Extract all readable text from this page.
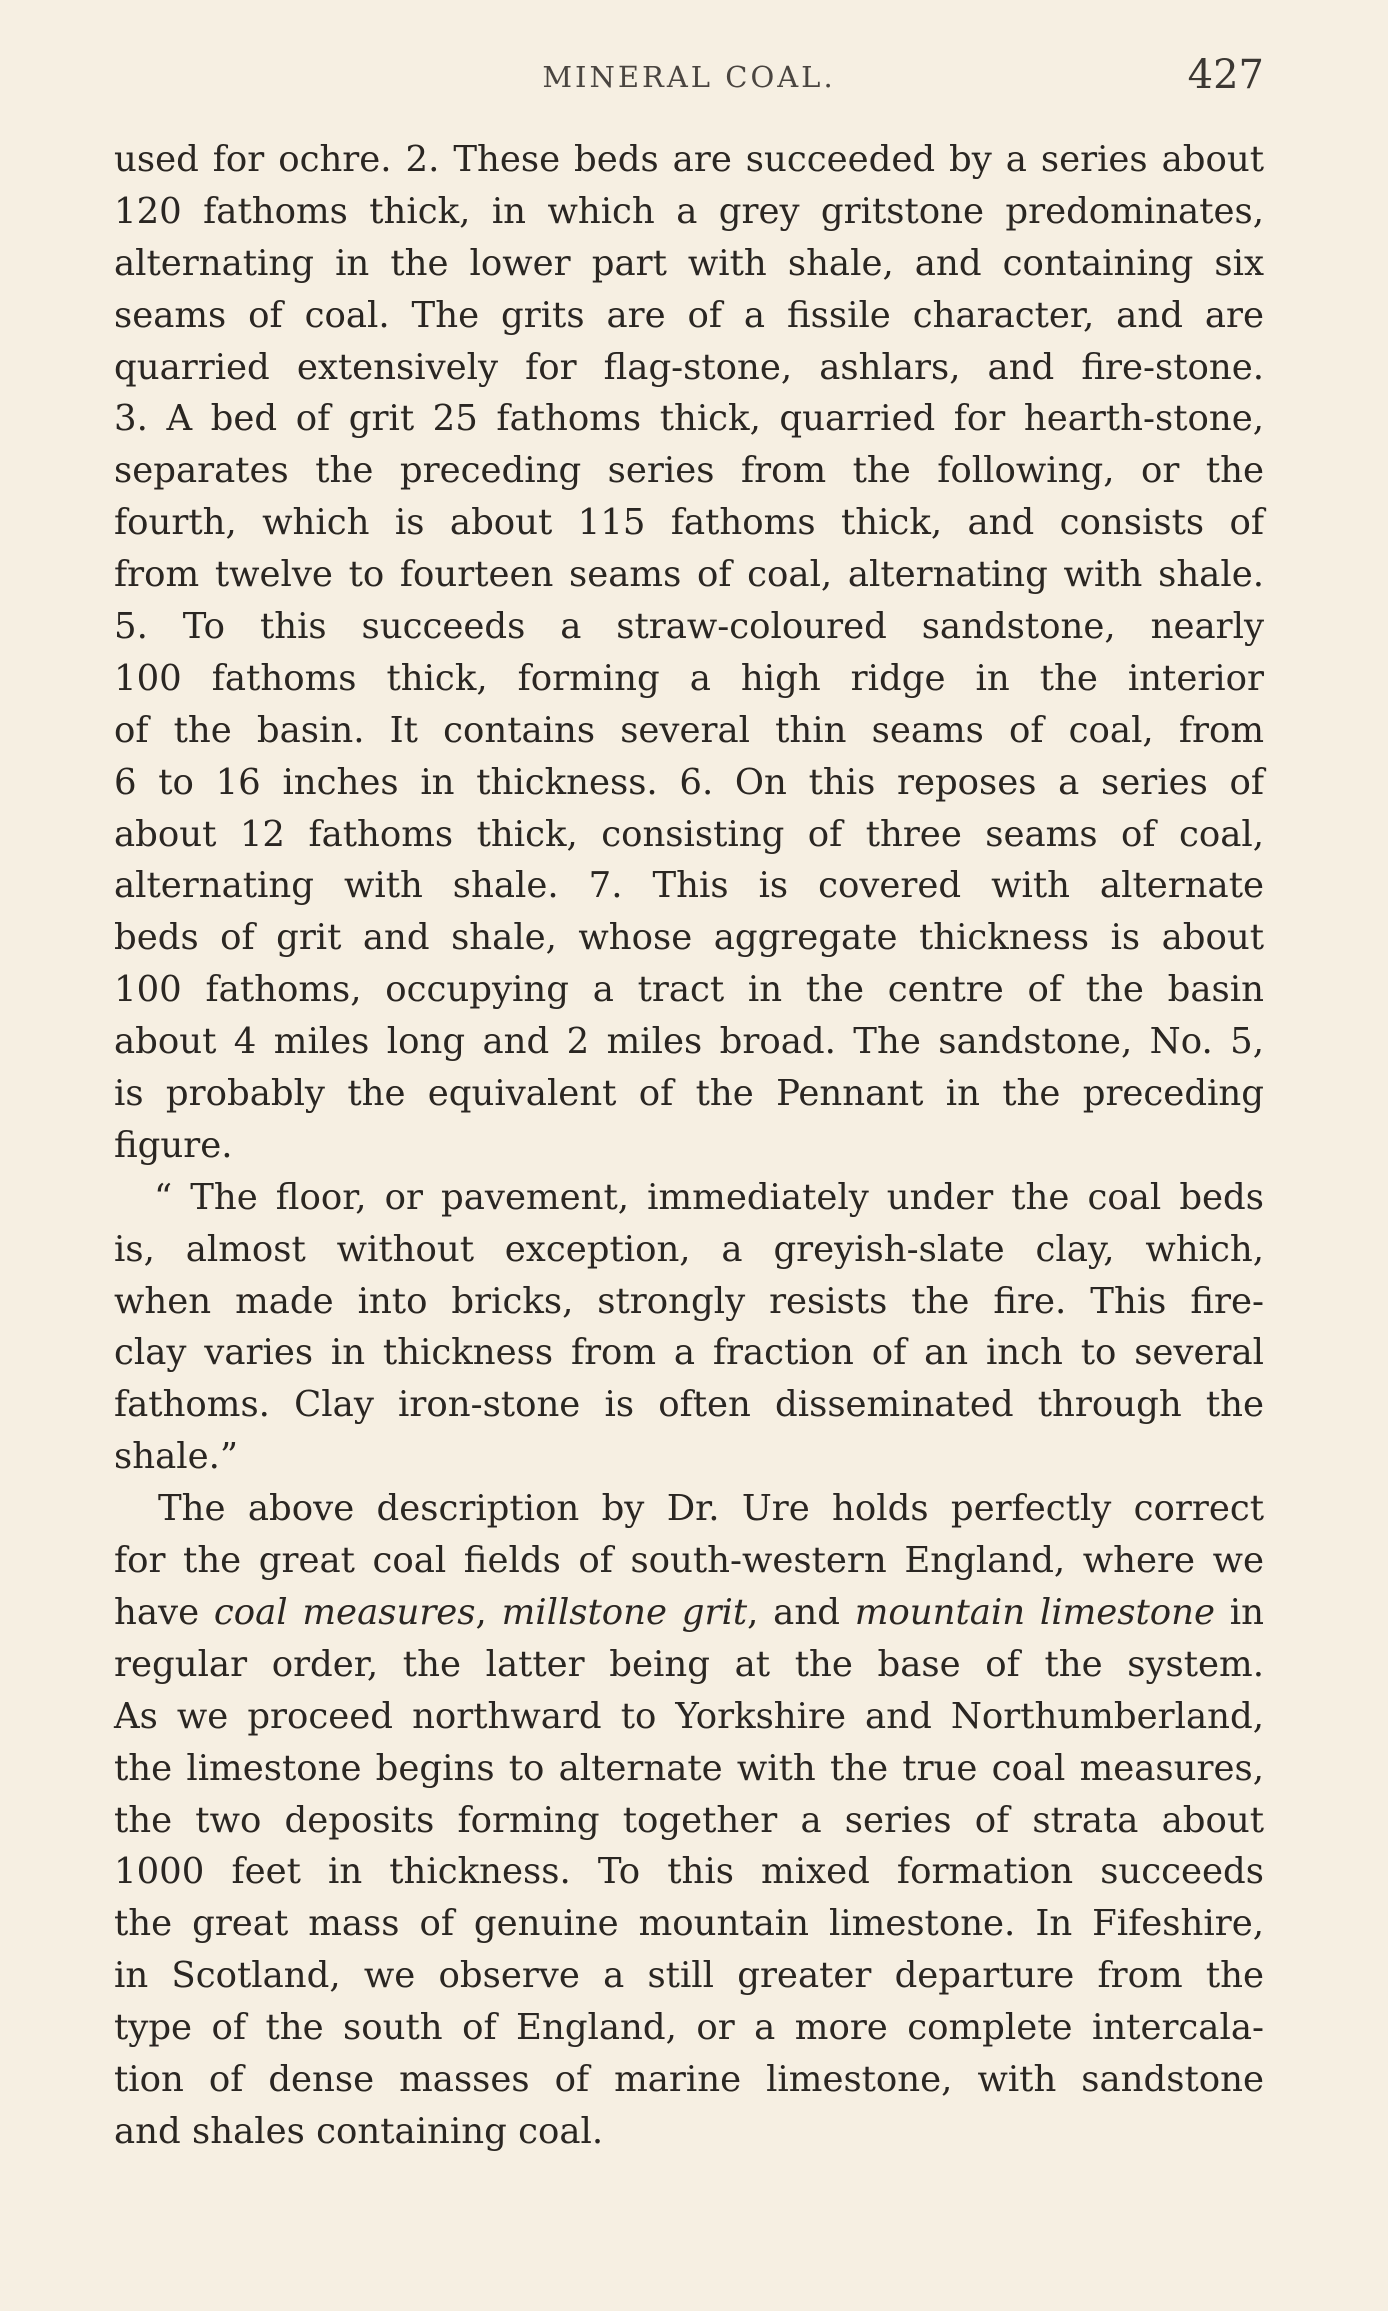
MINERAL COAL.	427
used for ochre. 2. These beds are succeeded by a series about
120 fathoms thick, in which a grey gritstone predominates,
alternating in the lower part with shale, and containing six
seams of coal. The grits are of a fissile character, and are
quarried extensively for flag-stone, ashlars, and fire-stone.
3. A bed of grit 25 fathoms thick, quarried for hearth-stone,
separates the preceding series from the following, or the
fourth, which is about 115 fathoms thick, and consists of
from twelve to fourteen seams of coal, alternating with shale.
5. To this succeeds a straw-coloured sandstone, nearly
100 fathoms thick, forming a high ridge in the interior
of the basin. It contains several thin seams of coal, from
6 to 16 inches in thickness. 6. On this reposes a series of
about 12 fathoms thick, consisting of three seams of coal,
alternating with shale. 7. This is covered with alternate
beds of grit and shale, whose aggregate thickness is about
100 fathoms, occupying a tract in the centre of the basin
about 4 miles long and 2 miles broad. The sandstone, No. 5,
is probably the equivalent of the Pennant in the preceding
figure.
“ The floor, or pavement, immediately under the coal beds
is, almost without exception, a greyish-slate clay, which,
when made into bricks, strongly resists the fire. This fire-
clay varies in thickness from a fraction of an inch to several
fathoms. Clay iron-stone is often disseminated through the
shale.”
The above description by Dr. Ure holds perfectly correct
for the great coal fields of south-western England, where we
have coal measures, millstone grit, and mountain limestone in
regular order, the latter being at the base of the system.
As we proceed northward to Yorkshire and Northumberland,
the limestone begins to alternate with the true coal measures,
the two deposits forming together a series of strata about
1000 feet in thickness. To this mixed formation succeeds
the great mass of genuine mountain limestone. In Fifeshire,
in Scotland, we observe a still greater departure from the
type of the south of England, or a more complete intercala-
tion of dense masses of marine limestone, with sandstone
and shales containing coal.
